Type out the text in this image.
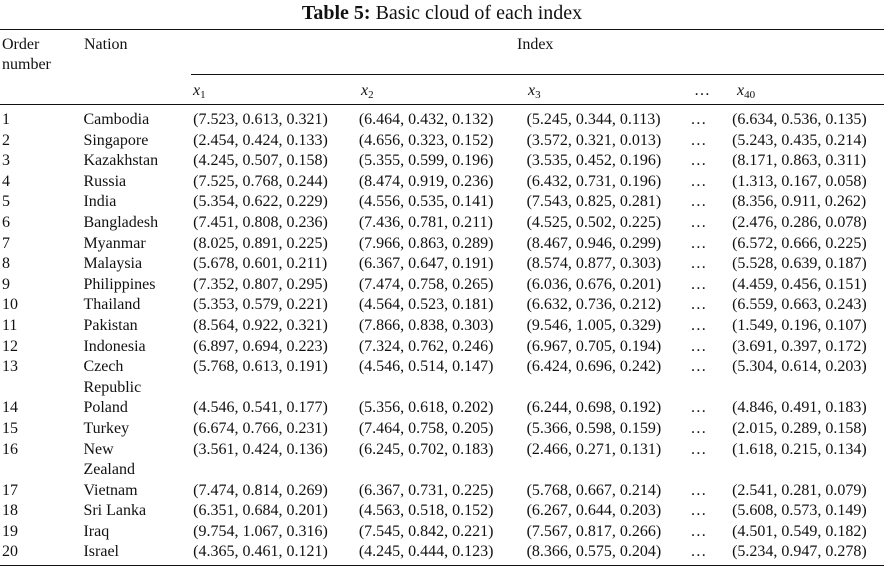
Table 5: Basic cloud of each index
Order number
Nation	Index
$x_1$	$x_2$	$x_3$	… $x_{40}$
1	Cambodia	(7.523, 0.613, 0.321)	(6.464, 0.432, 0.132)	(5.245, 0.344, 0.113)	…	(6.634, 0.536, 0.135)
2	Singapore	(2.454, 0.424, 0.133)	(4.656, 0.323, 0.152)	(3.572, 0.321, 0.013)	…	(5.243, 0.435, 0.214)
3	Kazakhstan	(4.245, 0.507, 0.158)	(5.355, 0.599, 0.196)	(3.535, 0.452, 0.196)	…	(8.171, 0.863, 0.311)
4	Russia	(7.525, 0.768, 0.244)	(8.474, 0.919, 0.236)	(6.432, 0.731, 0.196)	…	(1.313, 0.167, 0.058)
5	India	(5.354, 0.622, 0.229)	(4.556, 0.535, 0.141)	(7.543, 0.825, 0.281)	…	(8.356, 0.911, 0.262)
6	Bangladesh	(7.451, 0.808, 0.236)	(7.436, 0.781, 0.211)	(4.525, 0.502, 0.225)	…	(2.476, 0.286, 0.078)
7	Myanmar	(8.025, 0.891, 0.225)	(7.966, 0.863, 0.289)	(8.467, 0.946, 0.299)	…	(6.572, 0.666, 0.225)
8	Malaysia	(5.678, 0.601, 0.211)	(6.367, 0.647, 0.191)	(8.574, 0.877, 0.303)	…	(5.528, 0.639, 0.187)
9	Philippines	(7.352, 0.807, 0.295)	(7.474, 0.758, 0.265)	(6.036, 0.676, 0.201)	…	(4.459, 0.456, 0.151)
10	Thailand	(5.353, 0.579, 0.221)	(4.564, 0.523, 0.181)	(6.632, 0.736, 0.212)	…	(6.559, 0.663, 0.243)
11	Pakistan	(8.564, 0.922, 0.321)	(7.866, 0.838, 0.303)	(9.546, 1.005, 0.329)	…	(1.549, 0.196, 0.107)
12	Indonesia	(6.897, 0.694, 0.223)	(7.324, 0.762, 0.246)	(6.967, 0.705, 0.194)	…	(3.691, 0.397, 0.172)
13	Czech Republic	(5.768, 0.613, 0.191)	(4.546, 0.514, 0.147)	(6.424, 0.696, 0.242)	…	(5.304, 0.614, 0.203)
14	Poland	(4.546, 0.541, 0.177)	(5.356, 0.618, 0.202)	(6.244, 0.698, 0.192)	…	(4.846, 0.491, 0.183)
15	Turkey	(6.674, 0.766, 0.231)	(7.464, 0.758, 0.205)	(5.366, 0.598, 0.159)	…	(2.015, 0.289, 0.158)
16	New Zealand	(3.561, 0.424, 0.136)	(6.245, 0.702, 0.183)	(2.466, 0.271, 0.131)	…	(1.618, 0.215, 0.134)
17	Vietnam	(7.474, 0.814, 0.269)	(6.367, 0.731, 0.225)	(5.768, 0.667, 0.214)	…	(2.541, 0.281, 0.079)
18	Sri Lanka	(6.351, 0.684, 0.201)	(4.563, 0.518, 0.152)	(6.267, 0.644, 0.203)	…	(5.608, 0.573, 0.149)
19	Iraq	(9.754, 1.067, 0.316)	(7.545, 0.842, 0.221)	(7.567, 0.817, 0.266)	…	(4.501, 0.549, 0.182)
20	Israel	(4.365, 0.461, 0.121)	(4.245, 0.444, 0.123)	(8.366, 0.575, 0.204)	…	(5.234, 0.947, 0.278)
